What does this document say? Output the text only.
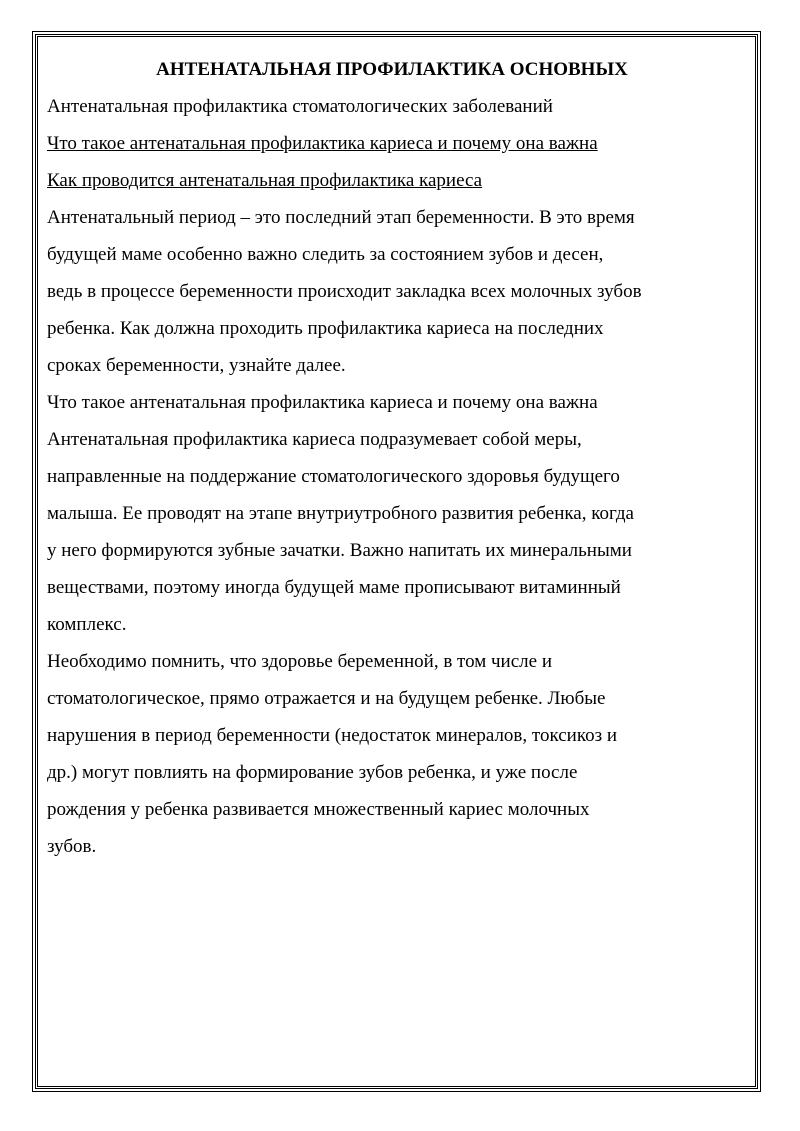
АНТЕНАТАЛЬНАЯ ПРОФИЛАКТИКА ОСНОВНЫХ
Антенатальная профилактика стоматологических заболеваний
Что такое антенатальная профилактика кариеса и почему она важна
Как проводится антенатальная профилактика кариеса
Антенатальный период – это последний этап беременности. В это время
будущей маме особенно важно следить за состоянием зубов и десен,
ведь в процессе беременности происходит закладка всех молочных зубов
ребенка. Как должна проходить профилактика кариеса на последних
сроках беременности, узнайте далее.
Что такое антенатальная профилактика кариеса и почему она важна
Антенатальная профилактика кариеса подразумевает собой меры,
направленные на поддержание стоматологического здоровья будущего
малыша. Ее проводят на этапе внутриутробного развития ребенка, когда
у него формируются зубные зачатки. Важно напитать их минеральными
веществами, поэтому иногда будущей маме прописывают витаминный
комплекс.
Необходимо помнить, что здоровье беременной, в том числе и
стоматологическое, прямо отражается и на будущем ребенке. Любые
нарушения в период беременности (недостаток минералов, токсикоз и
др.) могут повлиять на формирование зубов ребенка, и уже после
рождения у ребенка развивается множественный кариес молочных
зубов.
